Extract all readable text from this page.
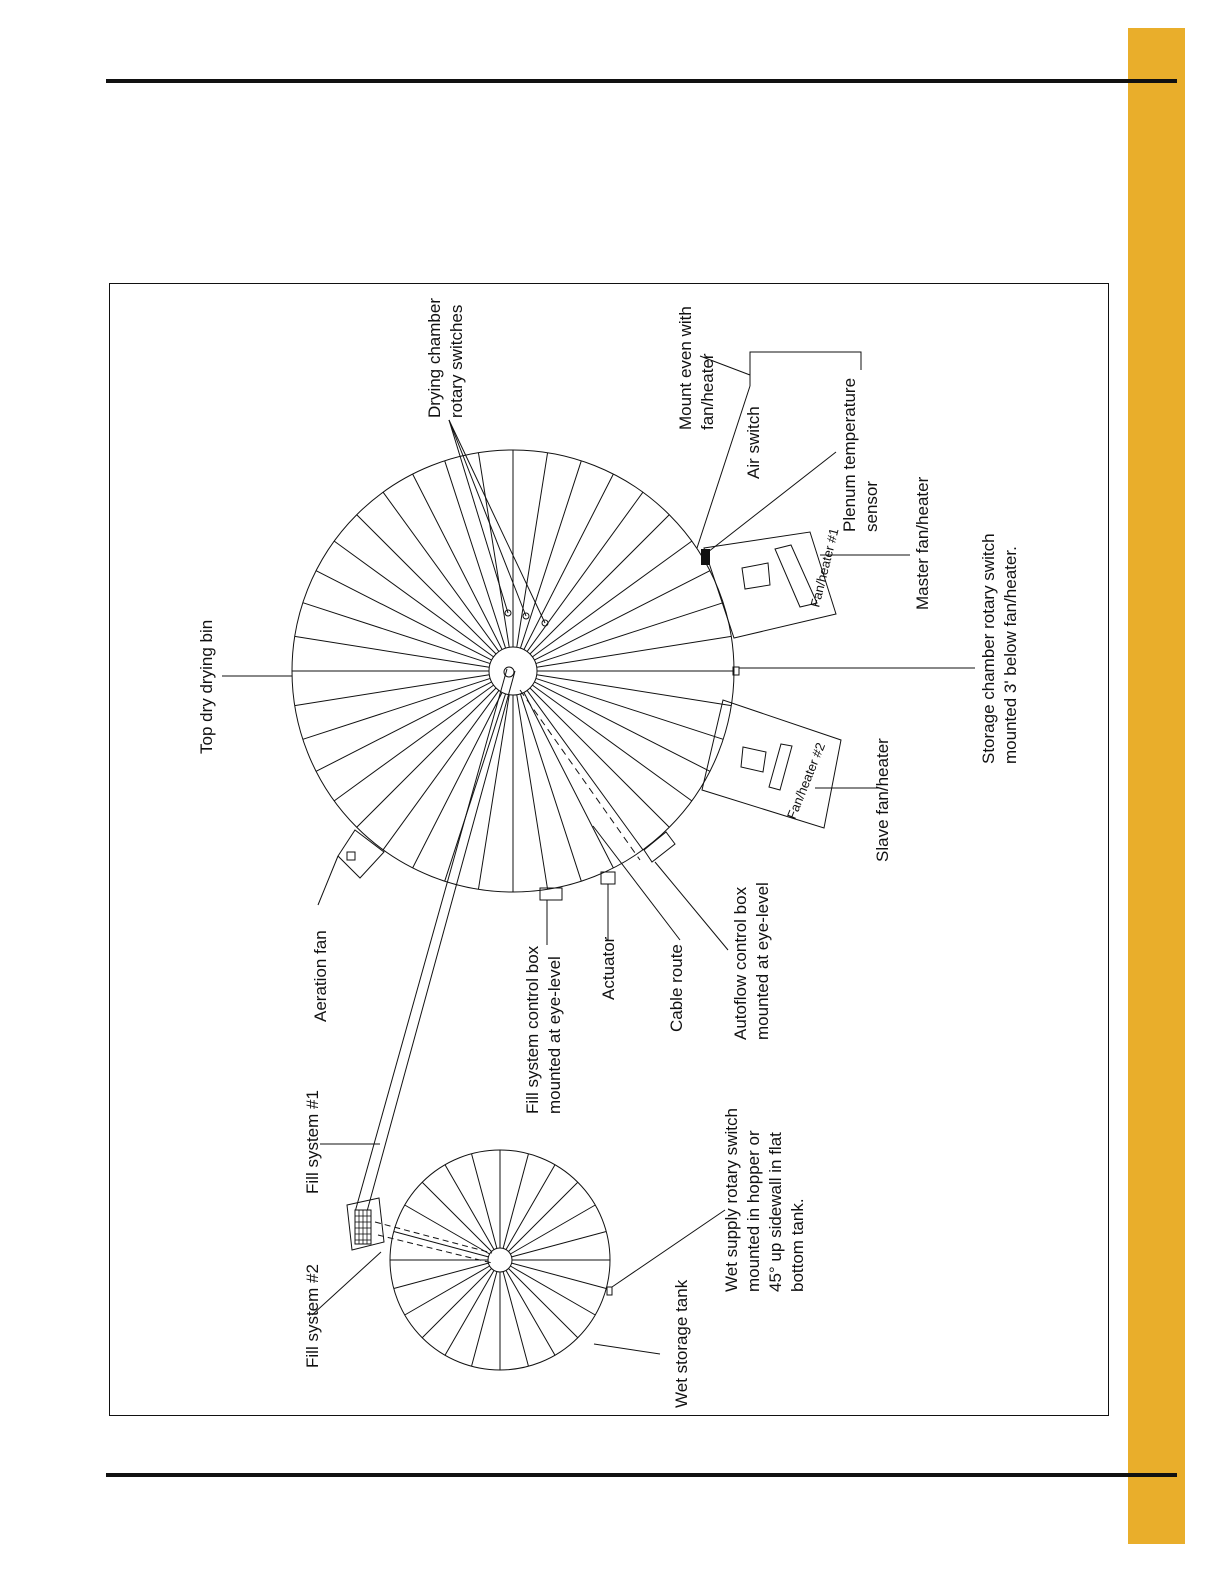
Fan/heater #1
Fan/heater #2
Drying chamber rotary switches	Mount even with fan/heater
Air switch	Plenum temperature sensor Master fan/heater	Storage chamber rotary switch mounted 3' below fan/heater.
Top dry drying bin
Slave fan/heater
Aeration fan	Fill system control box mounted at eye-level Actuator	Cable route	Autoflow control box mounted at eye-level
Fill system #1
Fill system #2
Wet supply rotary switch mounted in hopper or 45° up sidewall in flat bottom tank.
Wet storage tank
